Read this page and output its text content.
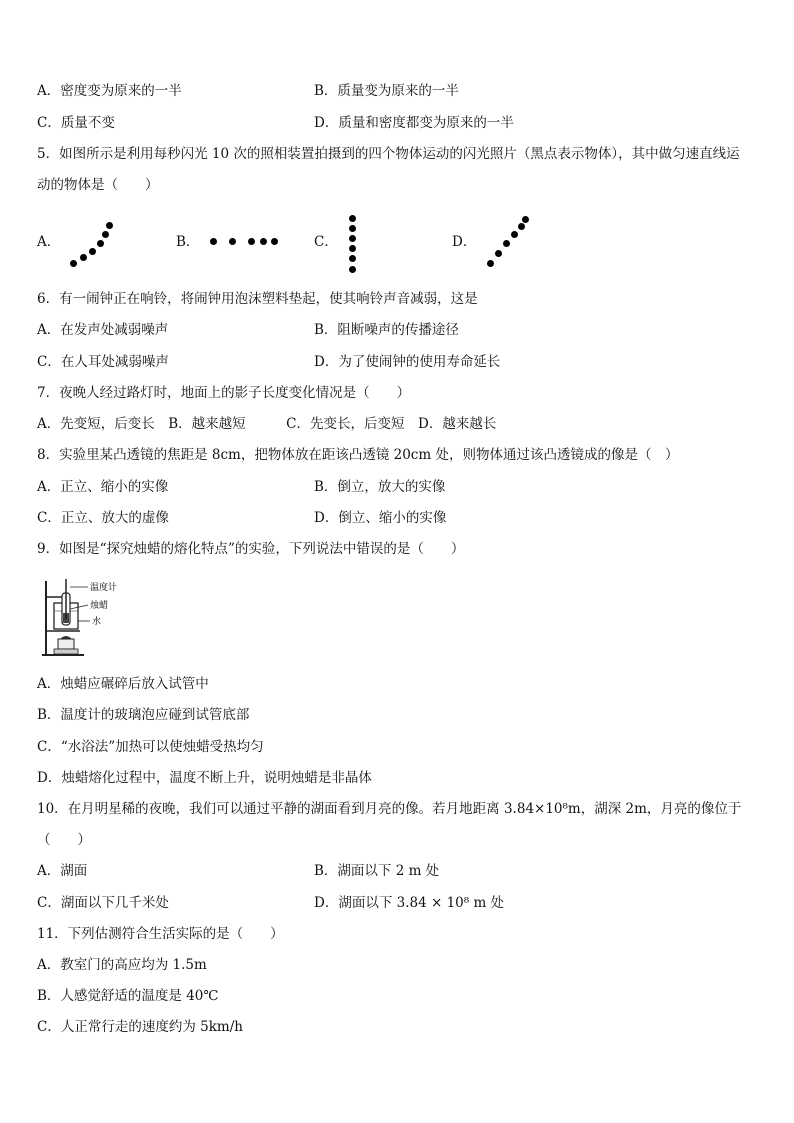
A．密度变为原来的一半	B．质量变为原来的一半
C．质量不变	D．质量和密度都变为原来的一半
5．如图所示是利用每秒闪光 10 次的照相装置拍摄到的四个物体运动的闪光照片（黑点表示物体），其中做匀速直线运
动的物体是（　　）
A．	B．	C．	D．
6．有一闹钟正在响铃，将闹钟用泡沫塑料垫起，使其响铃声音减弱，这是
A．在发声处减弱噪声	B．阻断噪声的传播途径
C．在人耳处减弱噪声	D．为了使闹钟的使用寿命延长
7．夜晚人经过路灯时，地面上的影子长度变化情况是（　　）
A．先变短，后变长　B．越来越短　　　C．先变长，后变短　D．越来越长
8．实验里某凸透镜的焦距是 8cm，把物体放在距该凸透镜 20cm 处，则物体通过该凸透镜成的像是（　）
A．正立、缩小的实像	B．倒立，放大的实像
C．正立、放大的虚像	D．倒立、缩小的实像
9．如图是“探究烛蜡的熔化特点”的实验，下列说法中错误的是（　　）
温度计
烛蜡
水
A．烛蜡应碾碎后放入试管中
B．温度计的玻璃泡应碰到试管底部
C．“水浴法”加热可以使烛蜡受热均匀
D．烛蜡熔化过程中，温度不断上升，说明烛蜡是非晶体
10．在月明星稀的夜晚，我们可以通过平静的湖面看到月亮的像。若月地距离 3.84×10⁸m，湖深 2m，月亮的像位于
（　　）
A．湖面	B．湖面以下 2 m 处
C．湖面以下几千米处	D．湖面以下 3.84 × 10⁸ m 处
11．下列估测符合生活实际的是（　　）
A．教室门的高应均为 1.5m
B．人感觉舒适的温度是 40℃
C．人正常行走的速度约为 5km/h
